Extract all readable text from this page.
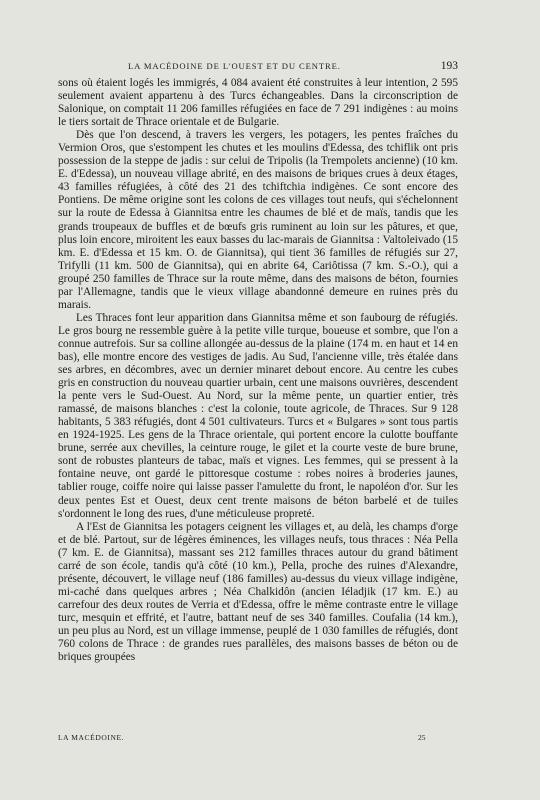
LA MACÉDOINE DE L'OUEST ET DU CENTRE.	193

sons où étaient logés les immigrés, 4 084 avaient été construites à leur intention, 2 595 seulement avaient appartenu à des Turcs échangeables. Dans la circonscription de Salonique, on comptait 11 206 familles réfugiées en face de 7 291 indigènes : au moins le tiers sortait de Thrace orientale et de Bulgarie.

Dès que l'on descend, à travers les vergers, les potagers, les pentes fraîches du Vermion Oros, que s'estompent les chutes et les moulins d'Edessa, des tchiflik ont pris possession de la steppe de jadis : sur celui de Tripolis (la Trempolets ancienne) (10 km. E. d'Edessa), un nouveau village abrité, en des maisons de briques crues à deux étages, 43 familles réfugiées, à côté des 21 des tchiftchia indigènes. Ce sont encore des Pontiens. De même origine sont les colons de ces villages tout neufs, qui s'échelonnent sur la route de Edessa à Giannitsa entre les chaumes de blé et de maïs, tandis que les grands troupeaux de buffles et de bœufs gris ruminent au loin sur les pâtures, et que, plus loin encore, miroitent les eaux basses du lac-marais de Giannitsa : Valtoleivado (15 km. E. d'Edessa et 15 km. O. de Giannitsa), qui tient 36 familles de réfugiés sur 27, Trifylli (11 km. 500 de Giannitsa), qui en abrite 64, Cariôtissa (7 km. S.-O.), qui a groupé 250 familles de Thrace sur la route même, dans des maisons de béton, fournies par l'Allemagne, tandis que le vieux village abandonné demeure en ruines près du marais.

Les Thraces font leur apparition dans Giannitsa même et son faubourg de réfugiés. Le gros bourg ne ressemble guère à la petite ville turque, boueuse et sombre, que l'on a connue autrefois. Sur sa colline allongée au-dessus de la plaine (174 m. en haut et 14 en bas), elle montre encore des vestiges de jadis. Au Sud, l'ancienne ville, très étalée dans ses arbres, en décombres, avec un dernier minaret debout encore. Au centre les cubes gris en construction du nouveau quartier urbain, cent une maisons ouvrières, descendent la pente vers le Sud-Ouest. Au Nord, sur la même pente, un quartier entier, très ramassé, de maisons blanches : c'est la colonie, toute agricole, de Thraces. Sur 9 128 habitants, 5 383 réfugiés, dont 4 501 cultivateurs. Turcs et « Bulgares » sont tous partis en 1924-1925. Les gens de la Thrace orientale, qui portent encore la culotte bouffante brune, serrée aux chevilles, la ceinture rouge, le gilet et la courte veste de bure brune, sont de robustes planteurs de tabac, maïs et vignes. Les femmes, qui se pressent à la fontaine neuve, ont gardé le pittoresque costume : robes noires à broderies jaunes, tablier rouge, coiffe noire qui laisse passer l'amulette du front, le napoléon d'or. Sur les deux pentes Est et Ouest, deux cent trente maisons de béton barbelé et de tuiles s'ordonnent le long des rues, d'une méticuleuse propreté.

A l'Est de Giannitsa les potagers ceignent les villages et, au delà, les champs d'orge et de blé. Partout, sur de légères éminences, les villages neufs, tous thraces : Néa Pella (7 km. E. de Giannitsa), massant ses 212 familles thraces autour du grand bâtiment carré de son école, tandis qu'à côté (10 km.), Pella, proche des ruines d'Alexandre, présente, découvert, le village neuf (186 familles) au-dessus du vieux village indigène, mi-caché dans quelques arbres ; Néa Chalkidôn (ancien Iéladjik (17 km. E.) au carrefour des deux routes de Verria et d'Edessa, offre le même contraste entre le village turc, mesquin et effrité, et l'autre, battant neuf de ses 340 familles. Coufalia (14 km.), un peu plus au Nord, est un village immense, peuplé de 1 030 familles de réfugiés, dont 760 colons de Thrace : de grandes rues parallèles, des maisons basses de béton ou de briques groupées

LA MACÉDOINE.	25
